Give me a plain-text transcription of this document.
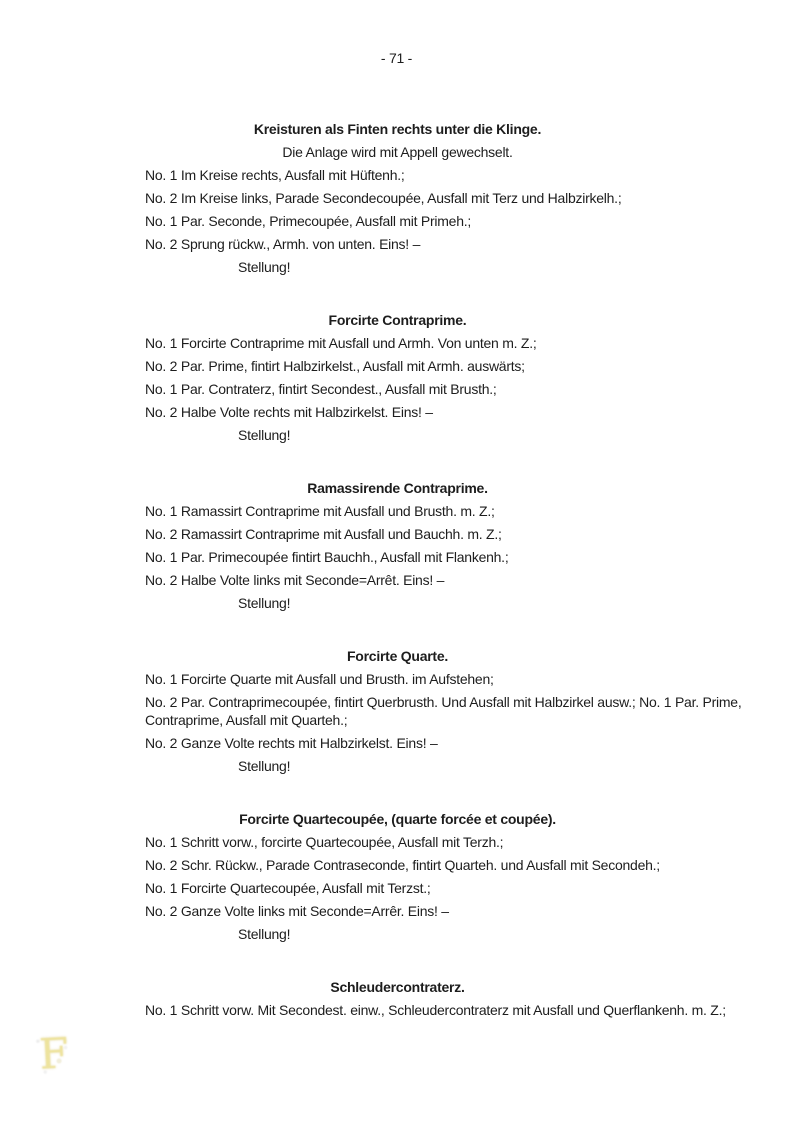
- 71 -
Kreisturen als Finten rechts unter die Klinge.
Die Anlage wird mit Appell gewechselt.
No. 1 Im Kreise rechts, Ausfall mit Hüftenh.;
No. 2 Im Kreise links, Parade Secondecoupée, Ausfall mit Terz und Halbzirkelh.;
No. 1 Par. Seconde, Primecoupée, Ausfall mit Primeh.;
No. 2 Sprung rückw., Armh. von unten. Eins! –
Stellung!
Forcirte Contraprime.
No. 1 Forcirte Contraprime mit Ausfall und Armh. Von unten m. Z.;
No. 2 Par. Prime, fintirt Halbzirkelst., Ausfall mit Armh. auswärts;
No. 1 Par. Contraterz, fintirt Secondest., Ausfall mit Brusth.;
No. 2 Halbe Volte rechts mit Halbzirkelst. Eins! –
Stellung!
Ramassirende Contraprime.
No. 1 Ramassirt Contraprime mit Ausfall und Brusth. m. Z.;
No. 2 Ramassirt Contraprime mit Ausfall und Bauchh. m. Z.;
No. 1 Par. Primecoupée fintirt Bauchh., Ausfall mit Flankenh.;
No. 2 Halbe Volte links mit Seconde=Arrêt. Eins! –
Stellung!
Forcirte Quarte.
No. 1 Forcirte Quarte mit Ausfall und Brusth. im Aufstehen;
No. 2 Par. Contraprimecoupée, fintirt Querbrusth. Und Ausfall mit Halbzirkel ausw.; No. 1 Par. Prime,
Contraprime, Ausfall mit Quarteh.;
No. 2 Ganze Volte rechts mit Halbzirkelst. Eins! –
Stellung!
Forcirte Quartecoupée, (quarte forcée et coupée).
No. 1 Schritt vorw., forcirte Quartecoupée, Ausfall mit Terzh.;
No. 2 Schr. Rückw., Parade Contraseconde, fintirt Quarteh. und Ausfall mit Secondeh.;
No. 1 Forcirte Quartecoupée, Ausfall mit Terzst.;
No. 2 Ganze Volte links mit Seconde=Arrêr. Eins! –
Stellung!
Schleudercontraterz.
No. 1 Schritt vorw. Mit Secondest. einw., Schleudercontraterz mit Ausfall und Querflankenh. m. Z.;
F
